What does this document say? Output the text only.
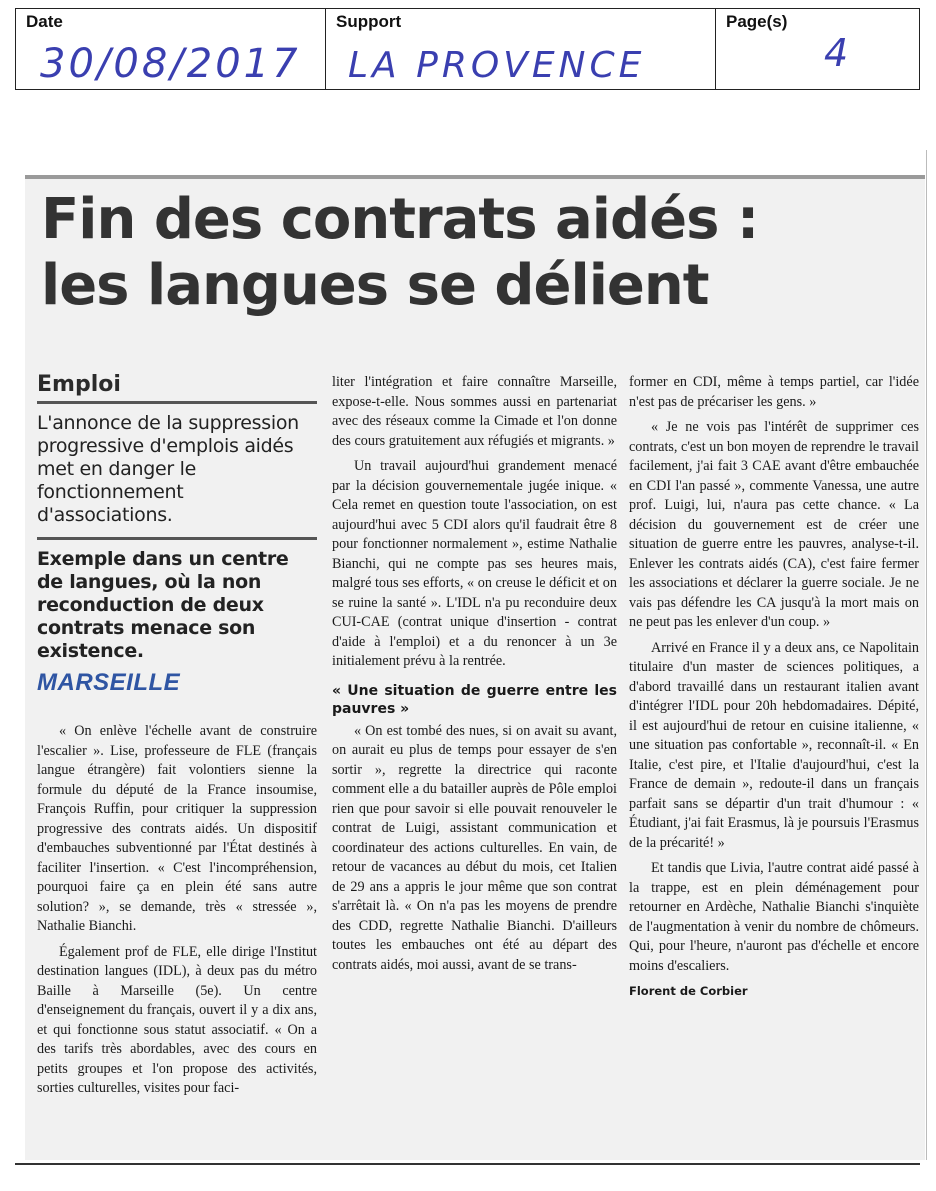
Date
30/08/2017
Support
LA PROVENCE
Page(s)
4
Fin des contrats aidés :
les langues se délient
Emploi

L'annonce de la suppression progressive d'emplois aidés met en danger le fonctionnement d'associations.

Exemple dans un centre de langues, où la non reconduction de deux contrats menace son existence.

MARSEILLE

« On enlève l'échelle avant de construire l'escalier ». Lise, professeure de FLE (français langue étrangère) fait volontiers sienne la formule du député de la France insoumise, François Ruffin, pour critiquer la suppression progressive des contrats aidés. Un dispositif d'embauches subventionné par l'État destinés à faciliter l'insertion. « C'est l'incompréhension, pourquoi faire ça en plein été sans autre solution? », se demande, très « stressée », Nathalie Bianchi.

Également prof de FLE, elle dirige l'Institut destination langues (IDL), à deux pas du métro Baille à Marseille (5e). Un centre d'enseignement du français, ouvert il y a dix ans, et qui fonctionne sous statut associatif. « On a des tarifs très abordables, avec des cours en petits groupes et l'on propose des activités, sorties culturelles, visites pour faci-

liter l'intégration et faire connaître Marseille, expose-t-elle. Nous sommes aussi en partenariat avec des réseaux comme la Cimade et l'on donne des cours gratuitement aux réfugiés et migrants. »

Un travail aujourd'hui grandement menacé par la décision gouvernementale jugée inique. « Cela remet en question toute l'association, on est aujourd'hui avec 5 CDI alors qu'il faudrait être 8 pour fonctionner normalement », estime Nathalie Bianchi, qui ne compte pas ses heures mais, malgré tous ses efforts, « on creuse le déficit et on se ruine la santé ». L'IDL n'a pu reconduire deux CUI-CAE (contrat unique d'insertion - contrat d'aide à l'emploi) et a du renoncer à un 3e initialement prévu à la rentrée.

« Une situation de guerre entre les pauvres »

« On est tombé des nues, si on avait su avant, on aurait eu plus de temps pour essayer de s'en sortir », regrette la directrice qui raconte comment elle a du batailler auprès de Pôle emploi rien que pour savoir si elle pouvait renouveler le contrat de Luigi, assistant communication et coordinateur des actions culturelles. En vain, de retour de vacances au début du mois, cet Italien de 29 ans a appris le jour même que son contrat s'arrêtait là. « On n'a pas les moyens de prendre des CDD, regrette Nathalie Bianchi. D'ailleurs toutes les embauches ont été au départ des contrats aidés, moi aussi, avant de se trans-

former en CDI, même à temps partiel, car l'idée n'est pas de précariser les gens. »

« Je ne vois pas l'intérêt de supprimer ces contrats, c'est un bon moyen de reprendre le travail facilement, j'ai fait 3 CAE avant d'être embauchée en CDI l'an passé », commente Vanessa, une autre prof. Luigi, lui, n'aura pas cette chance. « La décision du gouvernement est de créer une situation de guerre entre les pauvres, analyse-t-il. Enlever les contrats aidés (CA), c'est faire fermer les associations et déclarer la guerre sociale. Je ne vais pas défendre les CA jusqu'à la mort mais on ne peut pas les enlever d'un coup. »

Arrivé en France il y a deux ans, ce Napolitain titulaire d'un master de sciences politiques, a d'abord travaillé dans un restaurant italien avant d'intégrer l'IDL pour 20h hebdomadaires. Dépité, il est aujourd'hui de retour en cuisine italienne, « une situation pas confortable », reconnaît-il. « En Italie, c'est pire, et l'Italie d'aujourd'hui, c'est la France de demain », redoute-il dans un français parfait sans se départir d'un trait d'humour : « Étudiant, j'ai fait Erasmus, là je poursuis l'Erasmus de la précarité! »

Et tandis que Livia, l'autre contrat aidé passé à la trappe, est en plein déménagement pour retourner en Ardèche, Nathalie Bianchi s'inquiète de l'augmentation à venir du nombre de chômeurs. Qui, pour l'heure, n'auront pas d'échelle et encore moins d'escaliers.

Florent de Corbier
